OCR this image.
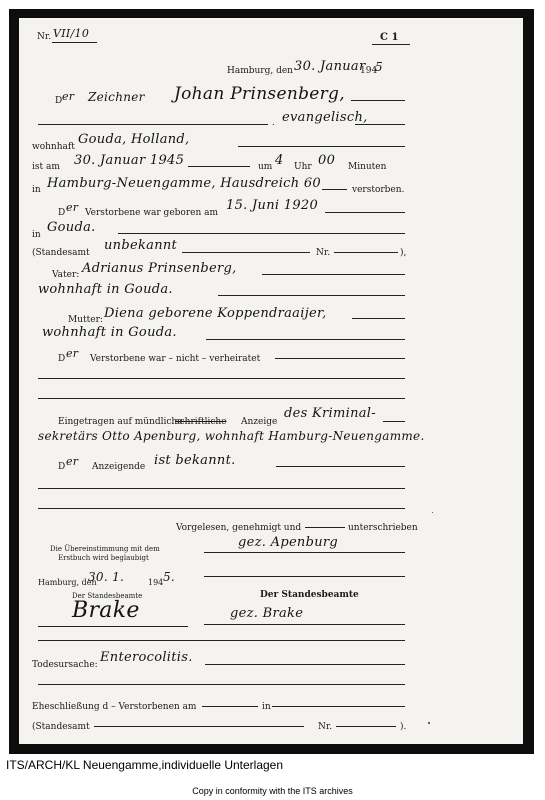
Nr. VII/10	C 1
Hamburg, den 30. Januar
194
5
D er Zeichner Johan Prinsenberg,
. evangelisch,
wohnhaft Gouda, Holland,
ist am 30. Januar 1945	um 4 Uhr 00 Minuten
in Hamburg-Neuengamme, Hausdreich 60	verstorben.
D er Verstorbene war geboren am 15. Juni 1920
in Gouda.
(Standesamt unbekannt	Nr.	),
Vater: Adrianus Prinsenberg,
wohnhaft in Gouda.
Mutter: Diena geborene Koppendraaijer,
wohnhaft in Gouda.
D er Verstorbene war – nicht – verheiratet
Eingetragen auf mündliche –
schriftliche Anzeige
des Kriminal-
sekretärs Otto Apenburg, wohnhaft Hamburg-Neuengamme.
D er Anzeigende ist bekannt.
Vorgelesen, genehmigt und	unterschrieben
gez. Apenburg
Die Übereinstimmung mit dem
Erstbuch wird beglaubigt
Hamburg, den
30. 1.	194 5.
Der Standesbeamte
Brake
Der Standesbeamte
gez. Brake
Todesursache: Enterocolitis.
Eheschließung d – Verstorbenen am	in
(Standesamt	Nr.	).
ITS/ARCH/KL Neuengamme,individuelle Unterlagen
Copy in conformity with the ITS archives
